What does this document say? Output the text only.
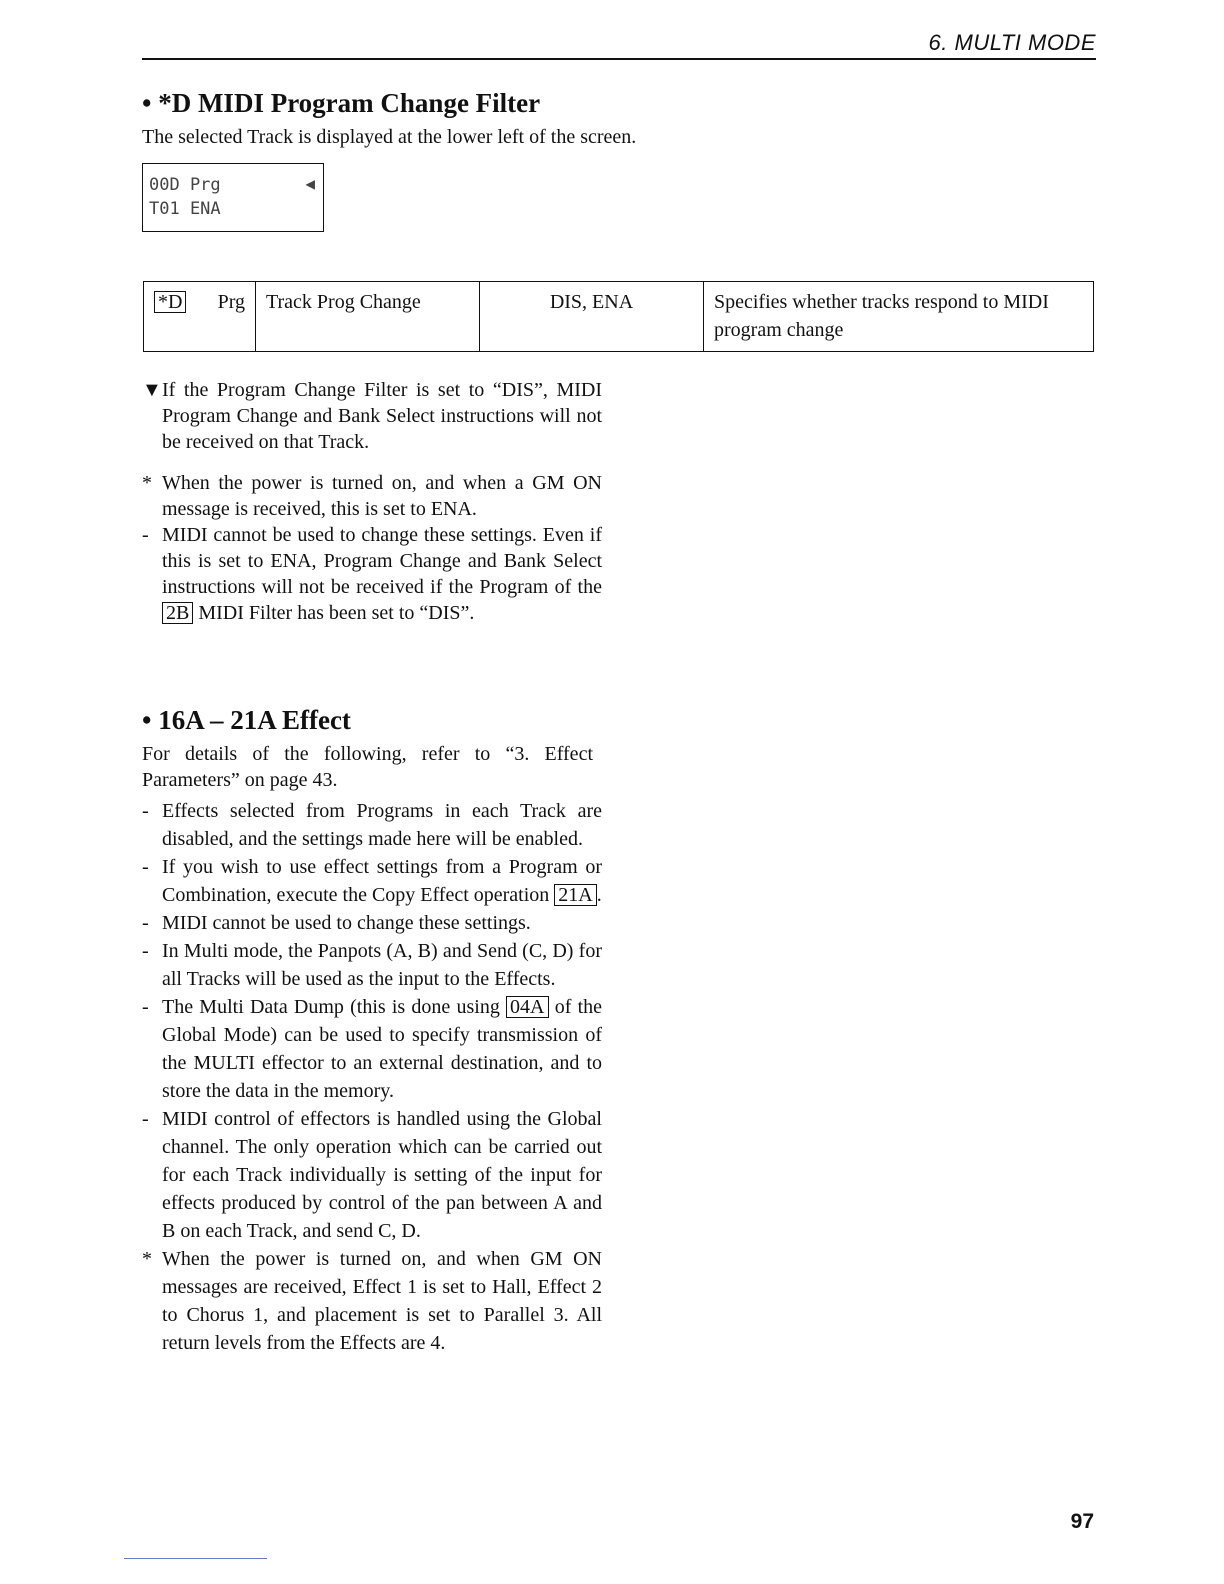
6. MULTI MODE
• *D MIDI Program Change Filter

The selected Track is displayed at the lower left of the screen.

00D Prg
T01 ENA
◀
*D Prg	Track Prog Change	DIS, ENA	Specifies whether tracks respond to MIDI program change
▼ If the Program Change Filter is set to “DIS”, MIDI Program Change and Bank Select instructions will not be received on that Track.
* When the power is turned on, and when a GM ON message is received, this is set to ENA.
- MIDI cannot be used to change these settings. Even if this is set to ENA, Program Change and Bank Select instructions will not be received if the Program of the 2B MIDI Filter has been set to “DIS”.
• 16A – 21A Effect

For details of the following, refer to “3. Effect Parameters” on page 43.

- Effects selected from Programs in each Track are disabled, and the settings made here will be enabled.
- If you wish to use effect settings from a Program or Combination, execute the Copy Effect operation 21A .
- MIDI cannot be used to change these settings.
- In Multi mode, the Panpots (A, B) and Send (C, D) for all Tracks will be used as the input to the Effects.
- The Multi Data Dump (this is done using 04A of the Global Mode) can be used to specify transmission of the MULTI effector to an external destination, and to store the data in the memory.
- MIDI control of effectors is handled using the Global channel. The only operation which can be carried out for each Track individually is setting of the input for effects produced by control of the pan between A and B on each Track, and send C, D.
* When the power is turned on, and when GM ON messages are received, Effect 1 is set to Hall, Effect 2 to Chorus 1, and placement is set to Parallel 3. All return levels from the Effects are 4.
97
